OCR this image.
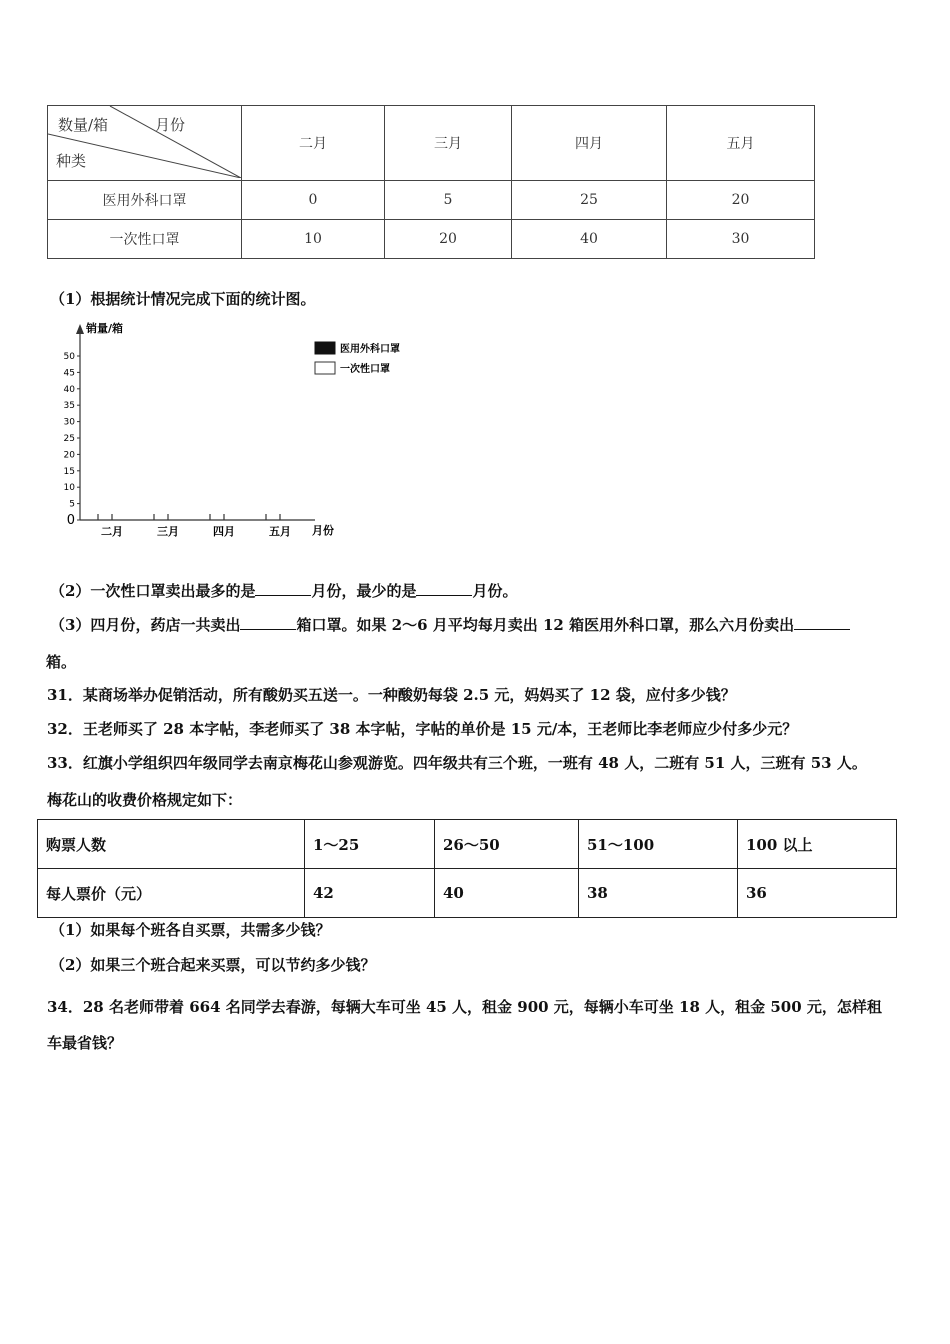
数量/箱 月份
种类	二月	三月	四月	五月
医用外科口罩	0	5	25	20
一次性口罩	10	20	40	30
（1）根据统计情况完成下面的统计图。
销量/箱
月份
医用外科口罩
一次性口罩
0
5
10
15
20
25
30
35
40
45
50
二月	三月	四月	五月
（2）一次性口罩卖出最多的是	月份，最少的是	月份。
（3）四月份，药店一共卖出	箱口罩。如果 2～6 月平均每月卖出 12 箱医用外科口罩，那么六月份卖出
箱。
31．某商场举办促销活动，所有酸奶买五送一。一种酸奶每袋 2.5 元，妈妈买了 12 袋，应付多少钱？
32．王老师买了 28 本字帖，李老师买了 38 本字帖，字帖的单价是 15 元/本，王老师比李老师应少付多少元？
33．红旗小学组织四年级同学去南京梅花山参观游览。四年级共有三个班，一班有 48 人，二班有 51 人，三班有 53 人。
梅花山的收费价格规定如下：
购票人数	1～25	26～50	51～100	100 以上
每人票价（元）	42	40	38	36
（1）如果每个班各自买票，共需多少钱？
（2）如果三个班合起来买票，可以节约多少钱？
34．28 名老师带着 664 名同学去春游，每辆大车可坐 45 人，租金 900 元，每辆小车可坐 18 人，租金 500 元，怎样租
车最省钱？
